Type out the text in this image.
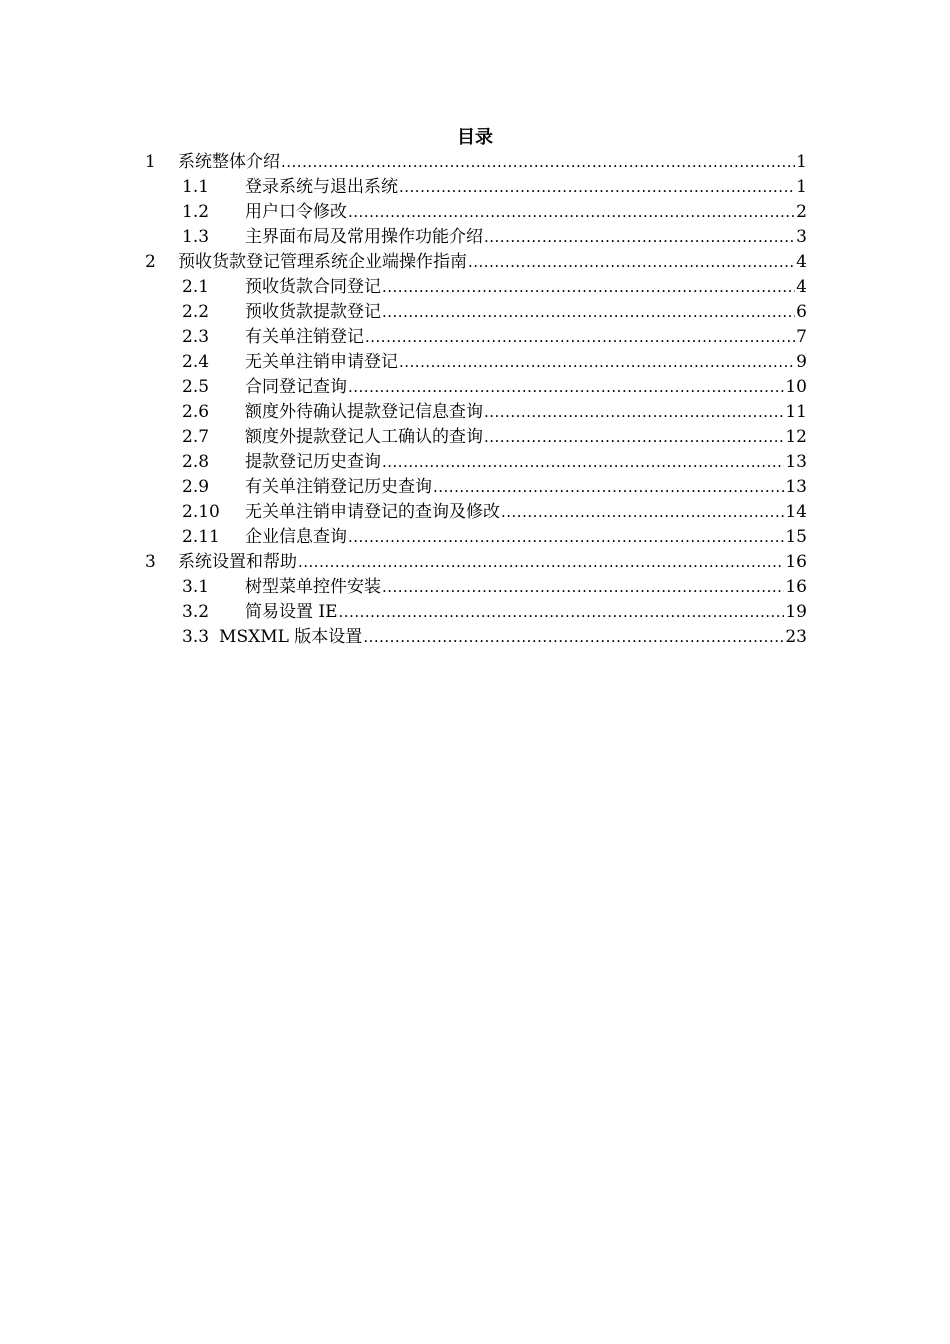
目录
1	系统整体介绍 .....	1
1.1	登录系统与退出系统 .....	1
1.2	用户口令修改 .....	2
1.3	主界面布局及常用操作功能介绍 .....	3
2	预收货款登记管理系统企业端操作指南 .....	4
2.1	预收货款合同登记 .....	4
2.2	预收货款提款登记 .....	6
2.3	有关单注销登记 .....	7
2.4	无关单注销申请登记 .....	9
2.5	合同登记查询 .....	10
2.6	额度外待确认提款登记信息查询 .....	11
2.7	额度外提款登记人工确认的查询 .....	12
2.8	提款登记历史查询 .....	13
2.9	有关单注销登记历史查询 .....	13
2.10	无关单注销申请登记的查询及修改 .....	14
2.11	企业信息查询 .....	15
3	系统设置和帮助 .....	16
3.1	树型菜单控件安装 .....	16
3.2	简易设置 IE .....	19
3.3 MSXML 版本设置 .....	23
